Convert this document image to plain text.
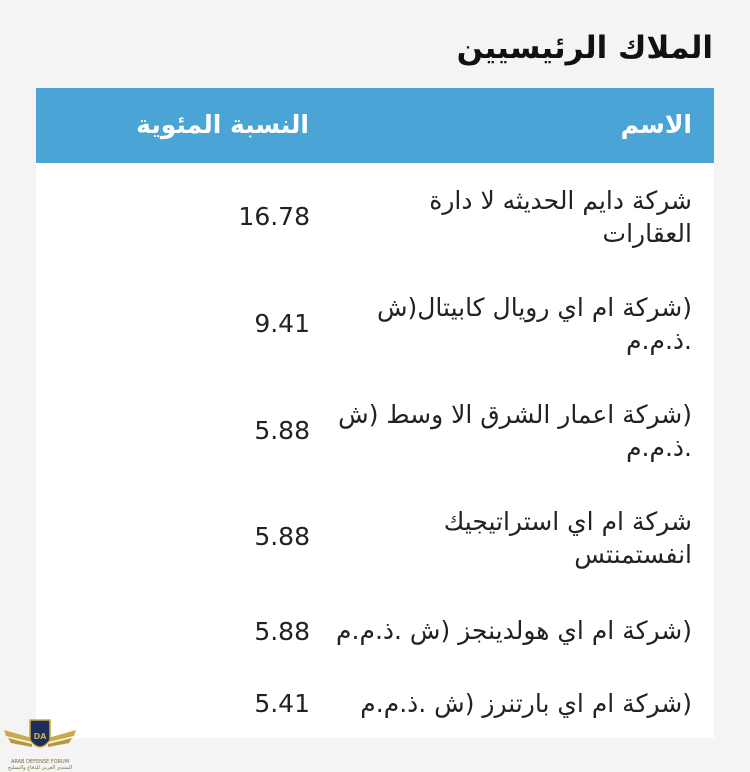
الملاك الرئيسيين
الاسم
النسبة المئوية
شركة دايم الحديثه لا دارة العقارات
16.78
(شركة ام اي رويال كابيتال(ش .ذ.م.م
9.41
(شركة اعمار الشرق الا وسط (ش .ذ.م.م
5.88
شركة ام اي استراتيجيك انفستمنتس
5.88
(شركة ام اي هولدينجز (ش .ذ.م.م
5.88
(شركة ام اي بارتنرز (ش .ذ.م.م
5.41
DA
ARAB DEFENSE FORUM
المنتدى العربي للدفاع والتسليح
